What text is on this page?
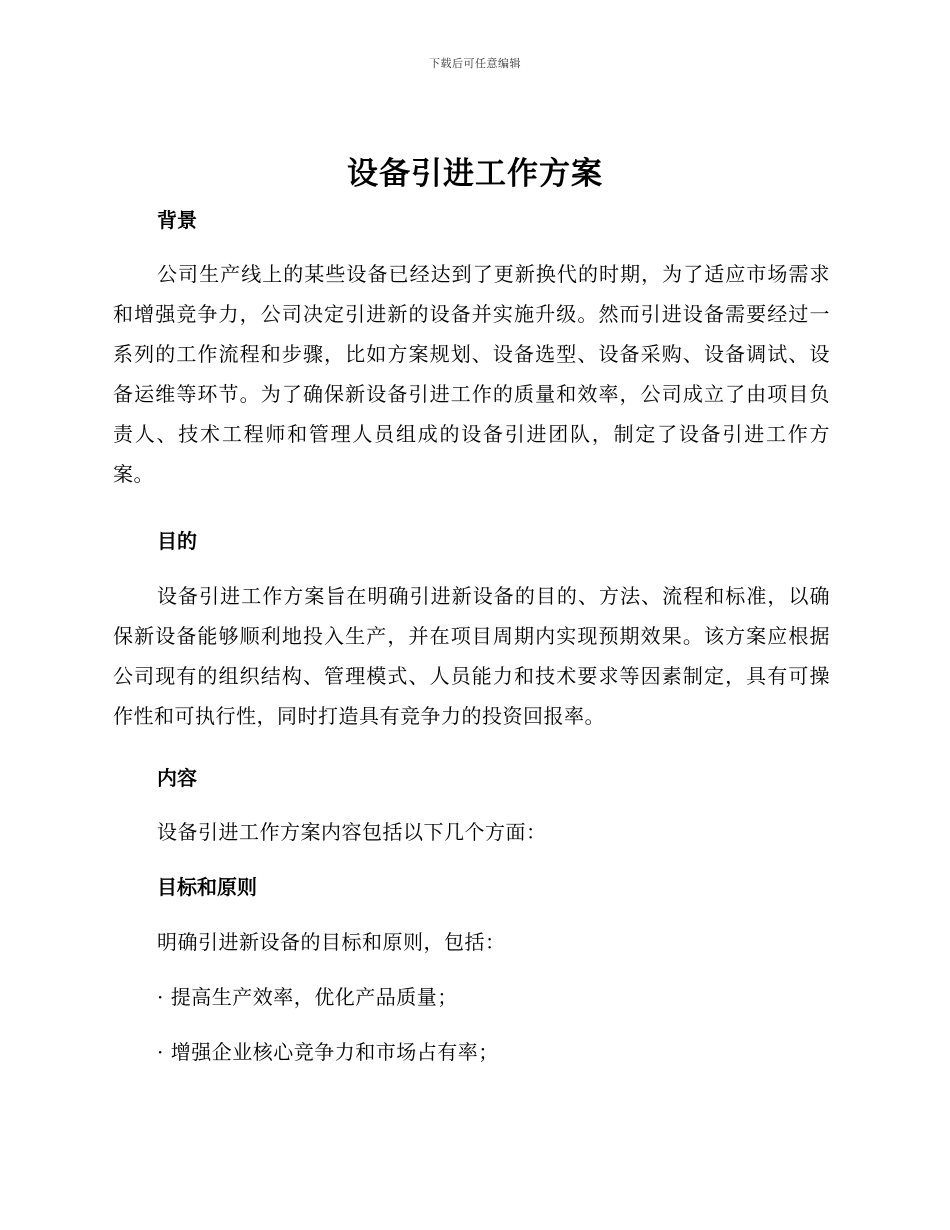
下载后可任意编辑
设备引进工作方案
背景
公司生产线上的某些设备已经达到了更新换代的时期，为了适应市场需求和增强竞争力，公司决定引进新的设备并实施升级。然而引进设备需要经过一系列的工作流程和步骤，比如方案规划、设备选型、设备采购、设备调试、设备运维等环节。为了确保新设备引进工作的质量和效率，公司成立了由项目负责人、技术工程师和管理人员组成的设备引进团队，制定了设备引进工作方案。
目的
设备引进工作方案旨在明确引进新设备的目的、方法、流程和标准，以确保新设备能够顺利地投入生产，并在项目周期内实现预期效果。该方案应根据公司现有的组织结构、管理模式、人员能力和技术要求等因素制定，具有可操作性和可执行性，同时打造具有竞争力的投资回报率。
内容
设备引进工作方案内容包括以下几个方面：
目标和原则
明确引进新设备的目标和原则，包括：
· 提高生产效率，优化产品质量；
· 增强企业核心竞争力和市场占有率；
